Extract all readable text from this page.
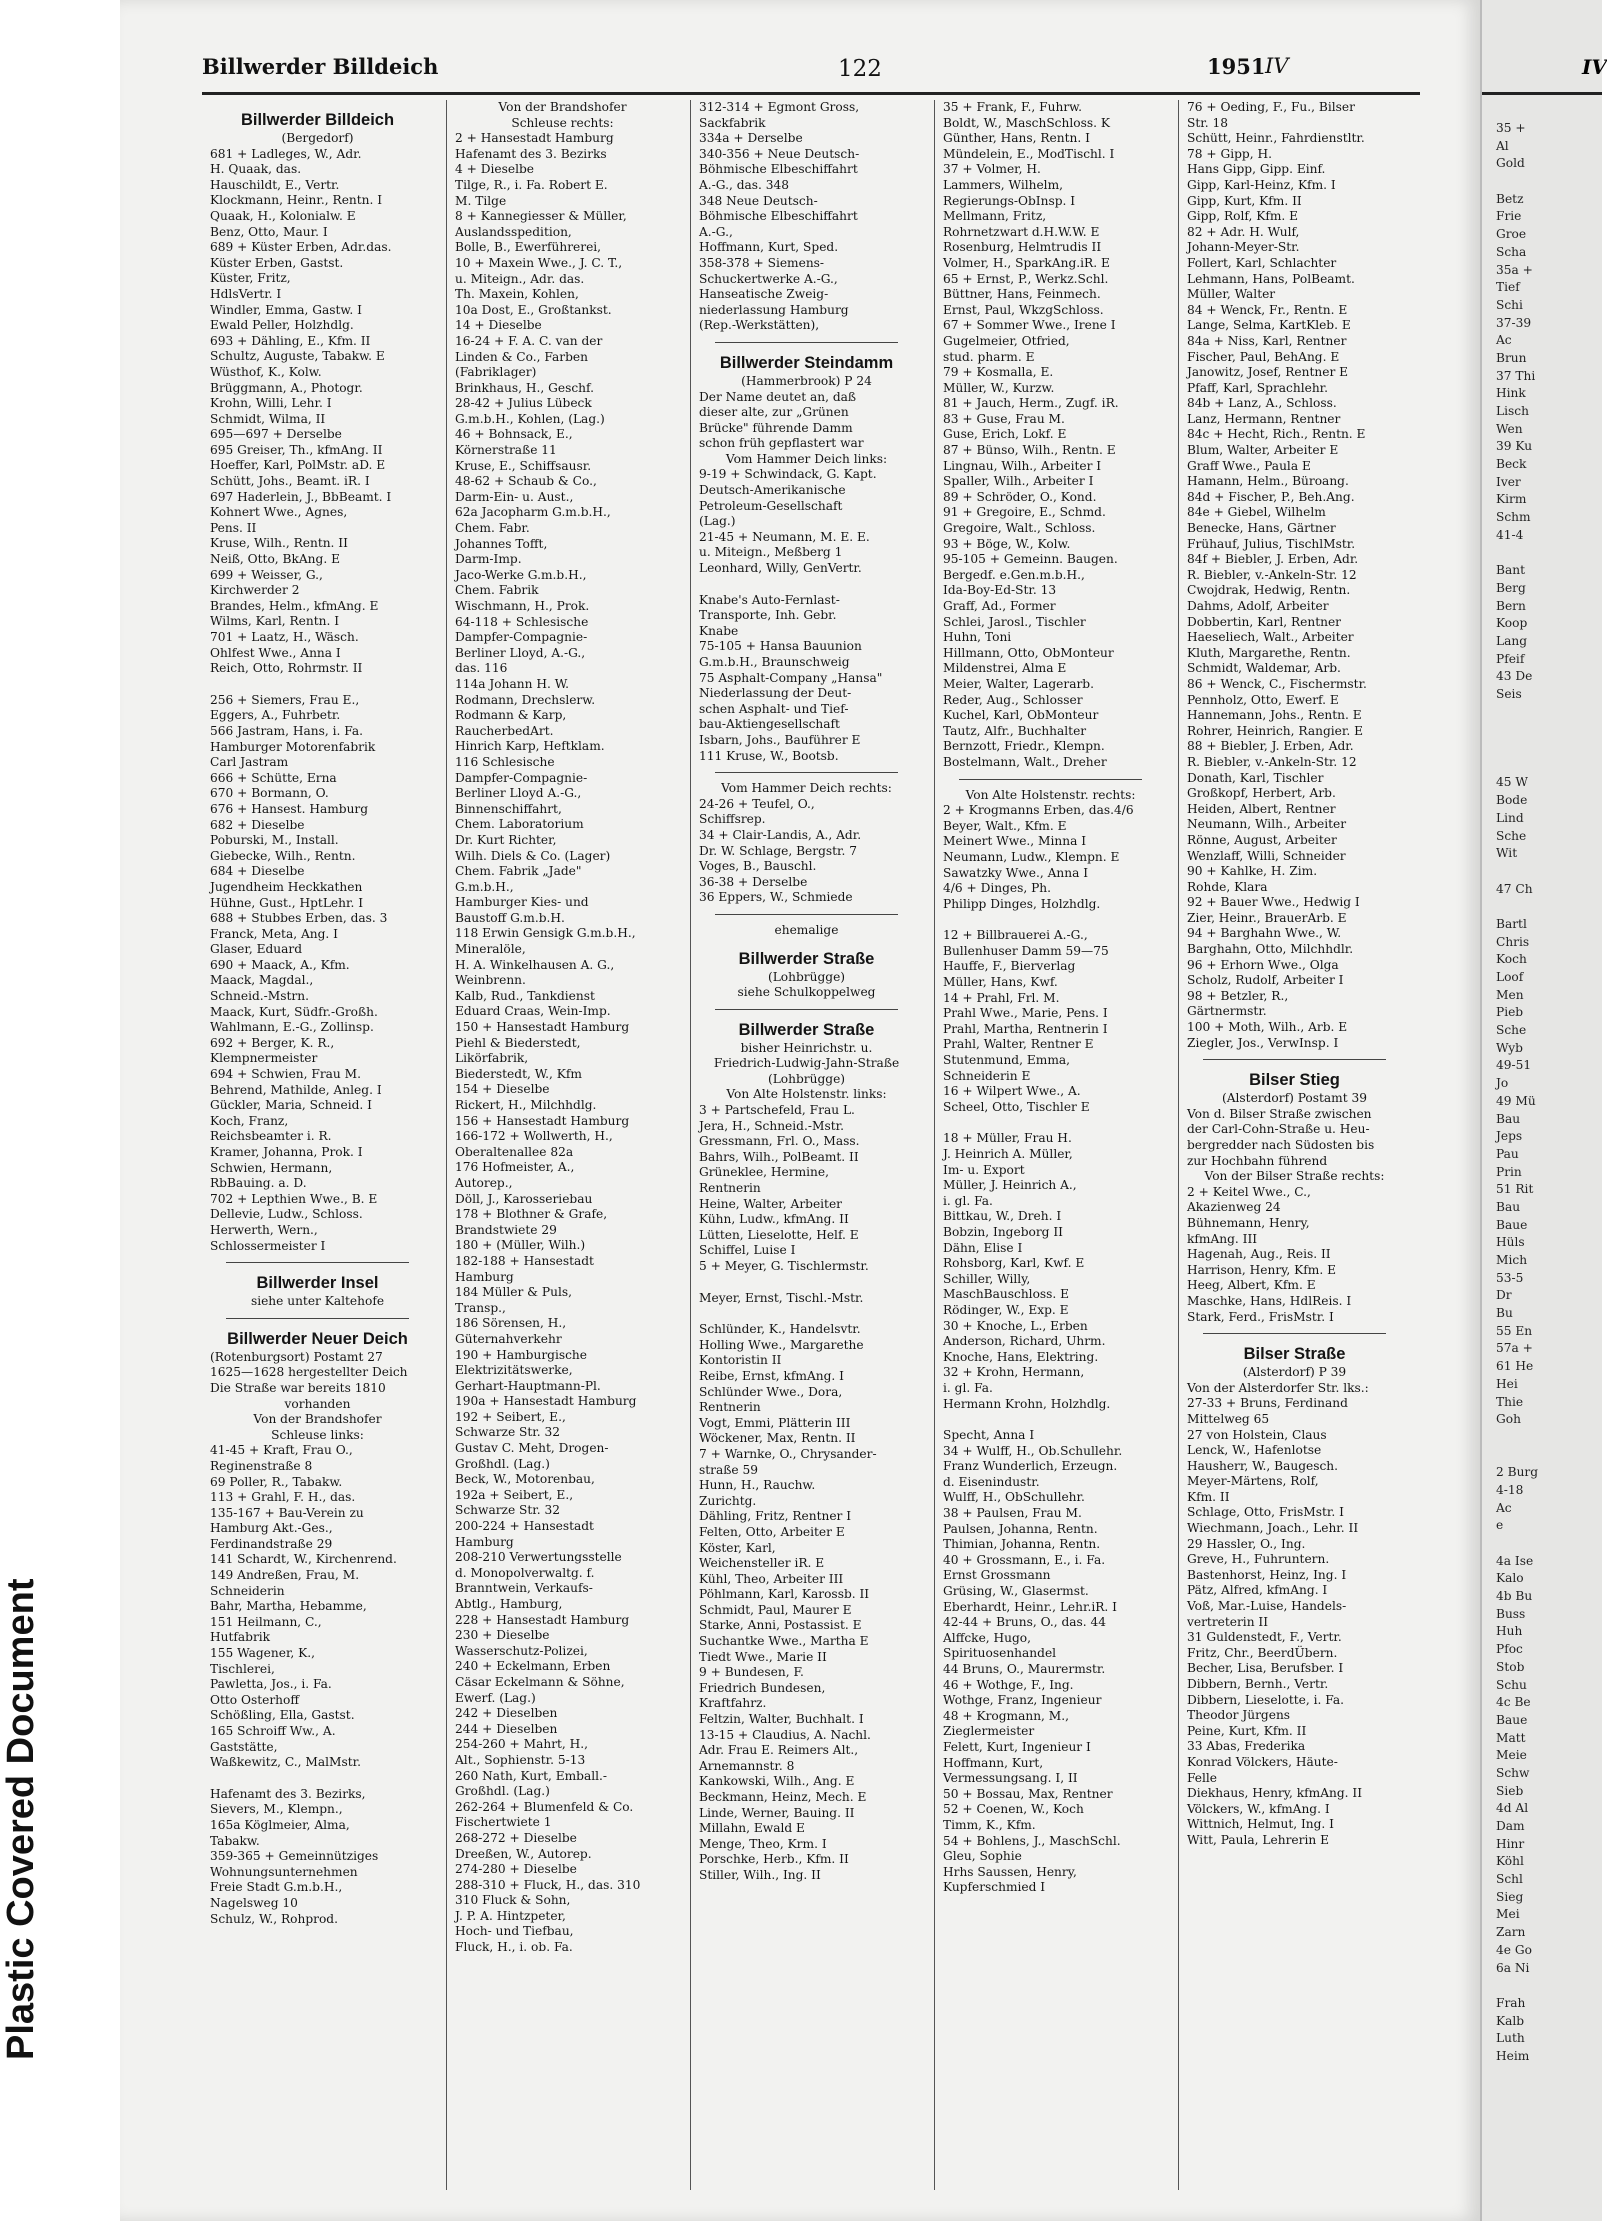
Plastic Covered Document
Billwerder Billdeich	122	1951 IV
Billwerder Billdeich
(Bergedorf)
681 + Ladleges, W., Adr.
H. Quaak, das.
Hauschildt, E., Vertr.
Klockmann, Heinr., Rentn. I
Quaak, H., Kolonialw. E
Benz, Otto, Maur. I
689 + Küster Erben, Adr.das.
Küster Erben, Gastst.
Küster, Fritz,
HdlsVertr. I
Windler, Emma, Gastw. I
Ewald Peller, Holzhdlg.
693 + Dähling, E., Kfm. II
Schultz, Auguste, Tabakw. E
Wüsthof, K., Kolw.
Brüggmann, A., Photogr.
Krohn, Willi, Lehr. I
Schmidt, Wilma, II
695—697 + Derselbe
695 Greiser, Th., kfmAng. II
Hoeffer, Karl, PolMstr. aD. E
Schütt, Johs., Beamt. iR. I
697 Haderlein, J., BbBeamt. I
Kohnert Wwe., Agnes,
Pens. II
Kruse, Wilh., Rentn. II
Neiß, Otto, BkAng. E
699 + Weisser, G.,
Kirchwerder 2
Brandes, Helm., kfmAng. E
Wilms, Karl, Rentn. I
701 + Laatz, H., Wäsch.
Ohlfest Wwe., Anna I
Reich, Otto, Rohrmstr. II
256 + Siemers, Frau E.,
Eggers, A., Fuhrbetr.
566 Jastram, Hans, i. Fa.
Hamburger Motorenfabrik
Carl Jastram
666 + Schütte, Erna
670 + Bormann, O.
676 + Hansest. Hamburg
682 + Dieselbe
Poburski, M., Install.
Giebecke, Wilh., Rentn.
684 + Dieselbe
Jugendheim Heckkathen
Hühne, Gust., HptLehr. I
688 + Stubbes Erben, das. 3
Franck, Meta, Ang. I
Glaser, Eduard
690 + Maack, A., Kfm.
Maack, Magdal.,
Schneid.-Mstrn.
Maack, Kurt, Südfr.-Großh.
Wahlmann, E.-G., Zollinsp.
692 + Berger, K. R.,
Klempnermeister
694 + Schwien, Frau M.
Behrend, Mathilde, Anleg. I
Gückler, Maria, Schneid. I
Koch, Franz,
Reichsbeamter i. R.
Kramer, Johanna, Prok. I
Schwien, Hermann,
RbBauing. a. D.
702 + Lepthien Wwe., B. E
Dellevie, Ludw., Schloss.
Herwerth, Wern.,
Schlossermeister I
Billwerder Insel
siehe unter Kaltehofe
Billwerder Neuer Deich
(Rotenburgsort) Postamt 27
1625—1628 hergestellter Deich
Die Straße war bereits 1810
vorhanden
Von der Brandshofer
Schleuse links:
41-45 + Kraft, Frau O.,
Reginenstraße 8
69 Poller, R., Tabakw.
113 + Grahl, F. H., das.
135-167 + Bau-Verein zu
Hamburg Akt.-Ges.,
Ferdinandstraße 29
141 Schardt, W., Kirchenrend.
149 Andreßen, Frau, M.
Schneiderin
Bahr, Martha, Hebamme,
151 Heilmann, C.,
Hutfabrik
155 Wagener, K.,
Tischlerei,
Pawletta, Jos., i. Fa.
Otto Osterhoff
Schößling, Ella, Gastst.
165 Schroiff Ww., A.
Gaststätte,
Waßkewitz, C., MalMstr.
Hafenamt des 3. Bezirks,
Sievers, M., Klempn.,
165a Köglmeier, Alma,
Tabakw.
359-365 + Gemeinnütziges
Wohnungsunternehmen
Freie Stadt G.m.b.H.,
Nagelsweg 10
Schulz, W., Rohprod.
Von der Brandshofer
Schleuse rechts:
2 + Hansestadt Hamburg
Hafenamt des 3. Bezirks
4 + Dieselbe
Tilge, R., i. Fa. Robert E.
M. Tilge
8 + Kannegiesser & Müller,
Auslandsspedition,
Bolle, B., Ewerführerei,
10 + Maxein Wwe., J. C. T.,
u. Miteign., Adr. das.
Th. Maxein, Kohlen,
10a Dost, E., Großtankst.
14 + Dieselbe
16-24 + F. A. C. van der
Linden & Co., Farben
(Fabriklager)
Brinkhaus, H., Geschf.
28-42 + Julius Lübeck
G.m.b.H., Kohlen, (Lag.)
46 + Bohnsack, E.,
Körnerstraße 11
Kruse, E., Schiffsausr.
48-62 + Schaub & Co.,
Darm-Ein- u. Aust.,
62a Jacopharm G.m.b.H.,
Chem. Fabr.
Johannes Tofft,
Darm-Imp.
Jaco-Werke G.m.b.H.,
Chem. Fabrik
Wischmann, H., Prok.
64-118 + Schlesische
Dampfer-Compagnie-
Berliner Lloyd, A.-G.,
das. 116
114a Johann H. W.
Rodmann, Drechslerw.
Rodmann & Karp,
RaucherbedArt.
Hinrich Karp, Heftklam.
116 Schlesische
Dampfer-Compagnie-
Berliner Lloyd A.-G.,
Binnenschiffahrt,
Chem. Laboratorium
Dr. Kurt Richter,
Wilh. Diels & Co. (Lager)
Chem. Fabrik „Jade"
G.m.b.H.,
Hamburger Kies- und
Baustoff G.m.b.H.
118 Erwin Gensigk G.m.b.H.,
Mineralöle,
H. A. Winkelhausen A. G.,
Weinbrenn.
Kalb, Rud., Tankdienst
Eduard Craas, Wein-Imp.
150 + Hansestadt Hamburg
Piehl & Biederstedt,
Likörfabrik,
Biederstedt, W., Kfm
154 + Dieselbe
Rickert, H., Milchhdlg.
156 + Hansestadt Hamburg
166-172 + Wollwerth, H.,
Oberaltenallee 82a
176 Hofmeister, A.,
Autorep.,
Döll, J., Karosseriebau
178 + Blothner & Grafe,
Brandstwiete 29
180 + (Müller, Wilh.)
182-188 + Hansestadt
Hamburg
184 Müller & Puls,
Transp.,
186 Sörensen, H.,
Güternahverkehr
190 + Hamburgische
Elektrizitätswerke,
Gerhart-Hauptmann-Pl.
190a + Hansestadt Hamburg
192 + Seibert, E.,
Schwarze Str. 32
Gustav C. Meht, Drogen-
Großhdl. (Lag.)
Beck, W., Motorenbau,
192a + Seibert, E.,
Schwarze Str. 32
200-224 + Hansestadt
Hamburg
208-210 Verwertungsstelle
d. Monopolverwaltg. f.
Branntwein, Verkaufs-
Abtlg., Hamburg,
228 + Hansestadt Hamburg
230 + Dieselbe
Wasserschutz-Polizei,
240 + Eckelmann, Erben
Cäsar Eckelmann & Söhne,
Ewerf. (Lag.)
242 + Dieselben
244 + Dieselben
254-260 + Mahrt, H.,
Alt., Sophienstr. 5-13
260 Nath, Kurt, Emball.-
Großhdl. (Lag.)
262-264 + Blumenfeld & Co.
Fischertwiete 1
268-272 + Dieselbe
Dreeßen, W., Autorep.
274-280 + Dieselbe
288-310 + Fluck, H., das. 310
310 Fluck & Sohn,
J. P. A. Hintzpeter,
Hoch- und Tiefbau,
Fluck, H., i. ob. Fa.
312-314 + Egmont Gross,
Sackfabrik
334a + Derselbe
340-356 + Neue Deutsch-
Böhmische Elbeschiffahrt
A.-G., das. 348
348 Neue Deutsch-
Böhmische Elbeschiffahrt
A.-G.,
Hoffmann, Kurt, Sped.
358-378 + Siemens-
Schuckertwerke A.-G.,
Hanseatische Zweig-
niederlassung Hamburg
(Rep.-Werkstätten),
Billwerder Steindamm
(Hammerbrook) P 24
Der Name deutet an, daß
dieser alte, zur „Grünen
Brücke" führende Damm
schon früh gepflastert war
Vom Hammer Deich links:
9-19 + Schwindack, G. Kapt.
Deutsch-Amerikanische
Petroleum-Gesellschaft
(Lag.)
21-45 + Neumann, M. E. E.
u. Miteign., Meßberg 1
Leonhard, Willy, GenVertr.
Knabe's Auto-Fernlast-
Transporte, Inh. Gebr.
Knabe
75-105 + Hansa Bauunion
G.m.b.H., Braunschweig
75 Asphalt-Company „Hansa"
Niederlassung der Deut-
schen Asphalt- und Tief-
bau-Aktiengesellschaft
Isbarn, Johs., Bauführer E
111 Kruse, W., Bootsb.
Vom Hammer Deich rechts:
24-26 + Teufel, O.,
Schiffsrep.
34 + Clair-Landis, A., Adr.
Dr. W. Schlage, Bergstr. 7
Voges, B., Bauschl.
36-38 + Derselbe
36 Eppers, W., Schmiede
ehemalige
Billwerder Straße
(Lohbrügge)
siehe Schulkoppelweg
Billwerder Straße
bisher Heinrichstr. u.
Friedrich-Ludwig-Jahn-Straße
(Lohbrügge)
Von Alte Holstenstr. links:
3 + Partschefeld, Frau L.
Jera, H., Schneid.-Mstr.
Gressmann, Frl. O., Mass.
Bahrs, Wilh., PolBeamt. II
Grüneklee, Hermine,
Rentnerin
Heine, Walter, Arbeiter
Kühn, Ludw., kfmAng. II
Lütten, Lieselotte, Helf. E
Schiffel, Luise I
5 + Meyer, G. Tischlermstr.
Meyer, Ernst, Tischl.-Mstr.
Schlünder, K., Handelsvtr.
Holling Wwe., Margarethe
Kontoristin II
Reibe, Ernst, kfmAng. I
Schlünder Wwe., Dora,
Rentnerin
Vogt, Emmi, Plätterin III
Wöckener, Max, Rentn. II
7 + Warnke, O., Chrysander-
straße 59
Hunn, H., Rauchw.
Zurichtg.
Dähling, Fritz, Rentner I
Felten, Otto, Arbeiter E
Köster, Karl,
Weichensteller iR. E
Kühl, Theo, Arbeiter III
Pöhlmann, Karl, Karossb. II
Schmidt, Paul, Maurer E
Starke, Anni, Postassist. E
Suchantke Wwe., Martha E
Tiedt Wwe., Marie II
9 + Bundesen, F.
Friedrich Bundesen,
Kraftfahrz.
Feltzin, Walter, Buchhalt. I
13-15 + Claudius, A. Nachl.
Adr. Frau E. Reimers Alt.,
Arnemannstr. 8
Kankowski, Wilh., Ang. E
Beckmann, Heinz, Mech. E
Linde, Werner, Bauing. II
Millahn, Ewald E
Menge, Theo, Krm. I
Porschke, Herb., Kfm. II
Stiller, Wilh., Ing. II
35 + Frank, F., Fuhrw.
Boldt, W., MaschSchloss. K
Günther, Hans, Rentn. I
Mündelein, E., ModTischl. I
37 + Volmer, H.
Lammers, Wilhelm,
Regierungs-ObInsp. I
Mellmann, Fritz,
Rohrnetzwart d.H.W.W. E
Rosenburg, Helmtrudis II
Volmer, H., SparkAng.iR. E
65 + Ernst, P., Werkz.Schl.
Büttner, Hans, Feinmech.
Ernst, Paul, WkzgSchloss.
67 + Sommer Wwe., Irene I
Gugelmeier, Otfried,
stud. pharm. E
79 + Kosmalla, E.
Müller, W., Kurzw.
81 + Jauch, Herm., Zugf. iR.
83 + Guse, Frau M.
Guse, Erich, Lokf. E
87 + Bünso, Wilh., Rentn. E
Lingnau, Wilh., Arbeiter I
Spaller, Wilh., Arbeiter I
89 + Schröder, O., Kond.
91 + Gregoire, E., Schmd.
Gregoire, Walt., Schloss.
93 + Böge, W., Kolw.
95-105 + Gemeinn. Baugen.
Bergedf. e.Gen.m.b.H.,
Ida-Boy-Ed-Str. 13
Graff, Ad., Former
Schlei, Jarosl., Tischler
Huhn, Toni
Hillmann, Otto, ObMonteur
Mildenstrei, Alma E
Meier, Walter, Lagerarb.
Reder, Aug., Schlosser
Kuchel, Karl, ObMonteur
Tautz, Alfr., Buchhalter
Bernzott, Friedr., Klempn.
Bostelmann, Walt., Dreher
Von Alte Holstenstr. rechts:
2 + Krogmanns Erben, das.4/6
Beyer, Walt., Kfm. E
Meinert Wwe., Minna I
Neumann, Ludw., Klempn. E
Sawatzky Wwe., Anna I
4/6 + Dinges, Ph.
Philipp Dinges, Holzhdlg.
12 + Billbrauerei A.-G.,
Bullenhuser Damm 59—75
Hauffe, F., Bierverlag
Müller, Hans, Kwf.
14 + Prahl, Frl. M.
Prahl Wwe., Marie, Pens. I
Prahl, Martha, Rentnerin I
Prahl, Walter, Rentner E
Stutenmund, Emma,
Schneiderin E
16 + Wilpert Wwe., A.
Scheel, Otto, Tischler E
18 + Müller, Frau H.
J. Heinrich A. Müller,
Im- u. Export
Müller, J. Heinrich A.,
i. gl. Fa.
Bittkau, W., Dreh. I
Bobzin, Ingeborg II
Dähn, Elise I
Rohsborg, Karl, Kwf. E
Schiller, Willy,
MaschBauschloss. E
Rödinger, W., Exp. E
30 + Knoche, L., Erben
Anderson, Richard, Uhrm.
Knoche, Hans, Elektring.
32 + Krohn, Hermann,
i. gl. Fa.
Hermann Krohn, Holzhdlg.
Specht, Anna I
34 + Wulff, H., Ob.Schullehr.
Franz Wunderlich, Erzeugn.
d. Eisenindustr.
Wulff, H., ObSchullehr.
38 + Paulsen, Frau M.
Paulsen, Johanna, Rentn.
Thimian, Johanna, Rentn.
40 + Grossmann, E., i. Fa.
Ernst Grossmann
Grüsing, W., Glasermst.
Eberhardt, Heinr., Lehr.iR. I
42-44 + Bruns, O., das. 44
Alffcke, Hugo,
Spirituosenhandel
44 Bruns, O., Maurermstr.
46 + Wothge, F., Ing.
Wothge, Franz, Ingenieur
48 + Krogmann, M.,
Zieglermeister
Felett, Kurt, Ingenieur I
Hoffmann, Kurt,
Vermessungsang. I, II
50 + Bossau, Max, Rentner
52 + Coenen, W., Koch
Timm, K., Kfm.
54 + Bohlens, J., MaschSchl.
Gleu, Sophie
Hrhs Saussen, Henry,
Kupferschmied I
76 + Oeding, F., Fu., Bilser
Str. 18
Schütt, Heinr., Fahrdienstltr.
78 + Gipp, H.
Hans Gipp, Gipp. Einf.
Gipp, Karl-Heinz, Kfm. I
Gipp, Kurt, Kfm. II
Gipp, Rolf, Kfm. E
82 + Adr. H. Wulf,
Johann-Meyer-Str.
Follert, Karl, Schlachter
Lehmann, Hans, PolBeamt.
Müller, Walter
84 + Wenck, Fr., Rentn. E
Lange, Selma, KartKleb. E
84a + Niss, Karl, Rentner
Fischer, Paul, BehAng. E
Janowitz, Josef, Rentner E
Pfaff, Karl, Sprachlehr.
84b + Lanz, A., Schloss.
Lanz, Hermann, Rentner
84c + Hecht, Rich., Rentn. E
Blum, Walter, Arbeiter E
Graff Wwe., Paula E
Hamann, Helm., Büroang.
84d + Fischer, P., Beh.Ang.
84e + Giebel, Wilhelm
Benecke, Hans, Gärtner
Frühauf, Julius, TischlMstr.
84f + Biebler, J. Erben, Adr.
R. Biebler, v.-Ankeln-Str. 12
Cwojdrak, Hedwig, Rentn.
Dahms, Adolf, Arbeiter
Dobbertin, Karl, Rentner
Haeseliech, Walt., Arbeiter
Kluth, Margarethe, Rentn.
Schmidt, Waldemar, Arb.
86 + Wenck, C., Fischermstr.
Pennholz, Otto, Ewerf. E
Hannemann, Johs., Rentn. E
Rohrer, Heinrich, Rangier. E
88 + Biebler, J. Erben, Adr.
R. Biebler, v.-Ankeln-Str. 12
Donath, Karl, Tischler
Großkopf, Herbert, Arb.
Heiden, Albert, Rentner
Neumann, Wilh., Arbeiter
Rönne, August, Arbeiter
Wenzlaff, Willi, Schneider
90 + Kahlke, H. Zim.
Rohde, Klara
92 + Bauer Wwe., Hedwig I
Zier, Heinr., BrauerArb. E
94 + Barghahn Wwe., W.
Barghahn, Otto, Milchhdlr.
96 + Erhorn Wwe., Olga
Scholz, Rudolf, Arbeiter I
98 + Betzler, R.,
Gärtnermstr.
100 + Moth, Wilh., Arb. E
Ziegler, Jos., VerwInsp. I
Bilser Stieg
(Alsterdorf) Postamt 39
Von d. Bilser Straße zwischen
der Carl-Cohn-Straße u. Heu-
bergredder nach Südosten bis
zur Hochbahn führend
Von der Bilser Straße rechts:
2 + Keitel Wwe., C.,
Akazienweg 24
Bühnemann, Henry,
kfmAng. III
Hagenah, Aug., Reis. II
Harrison, Henry, Kfm. E
Heeg, Albert, Kfm. E
Maschke, Hans, HdlReis. I
Stark, Ferd., FrisMstr. I
Bilser Straße
(Alsterdorf) P 39
Von der Alsterdorfer Str. lks.:
27-33 + Bruns, Ferdinand
Mittelweg 65
27 von Holstein, Claus
Lenck, W., Hafenlotse
Hausherr, W., Baugesch.
Meyer-Märtens, Rolf,
Kfm. II
Schlage, Otto, FrisMstr. I
Wiechmann, Joach., Lehr. II
29 Hassler, O., Ing.
Greve, H., Fuhruntern.
Bastenhorst, Heinz, Ing. I
Pätz, Alfred, kfmAng. I
Voß, Mar.-Luise, Handels-
vertreterin II
31 Guldenstedt, F., Vertr.
Fritz, Chr., BeerdÜbern.
Becher, Lisa, Berufsber. I
Dibbern, Bernh., Vertr.
Dibbern, Lieselotte, i. Fa.
Theodor Jürgens
Peine, Kurt, Kfm. II
33 Abas, Frederika
Konrad Völckers, Häute-
Felle
Diekhaus, Henry, kfmAng. II
Völckers, W., kfmAng. I
Wittnich, Helmut, Ing. I
Witt, Paula, Lehrerin E
IV
35 +
Al
Gold
Betz
Frie
Groe
Scha
35a +
Tief
Schi
37-39
Ac
Brun
37 Thi
Hink
Lisch
Wen
39 Ku
Beck
Iver
Kirm
Schm
41-4
Bant
Berg
Bern
Koop
Lang
Pfeif
43 De
Seis
45 W
Bode
Lind
Sche
Wit
47 Ch
Bartl
Chris
Koch
Loof
Men
Pieb
Sche
Wyb
49-51
Jo
49 Mü
Bau
Jeps
Pau
Prin
51 Rit
Bau
Baue
Hüls
Mich
53-5
Dr
Bu
55 En
57a +
61 He
Hei
Thie
Goh
2 Burg
4-18
Ac
e
4a Ise
Kalo
4b Bu
Buss
Huh
Pfoc
Stob
Schu
4c Be
Baue
Matt
Meie
Schw
Sieb
4d Al
Dam
Hinr
Köhl
Schl
Sieg
Mei
Zarn
4e Go
6a Ni
Frah
Kalb
Luth
Heim
